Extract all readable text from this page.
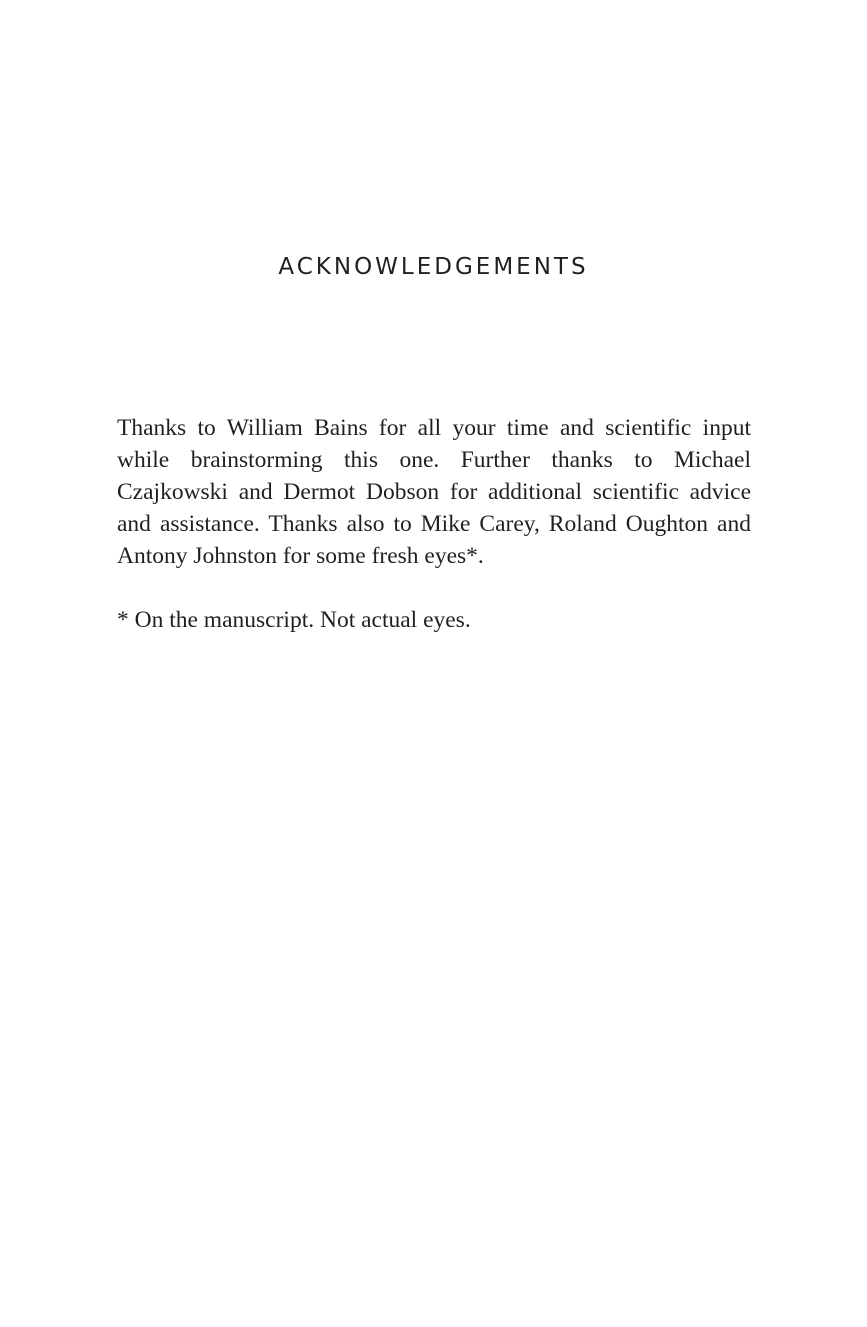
ACKNOWLEDGEMENTS

Thanks to William Bains for all your time and scientific input while brainstorming this one. Further thanks to Michael Czajkowski and Dermot Dobson for additional scientific advice and assistance. Thanks also to Mike Carey, Roland Oughton and Antony Johnston for some fresh eyes*.

* On the manuscript. Not actual eyes.
